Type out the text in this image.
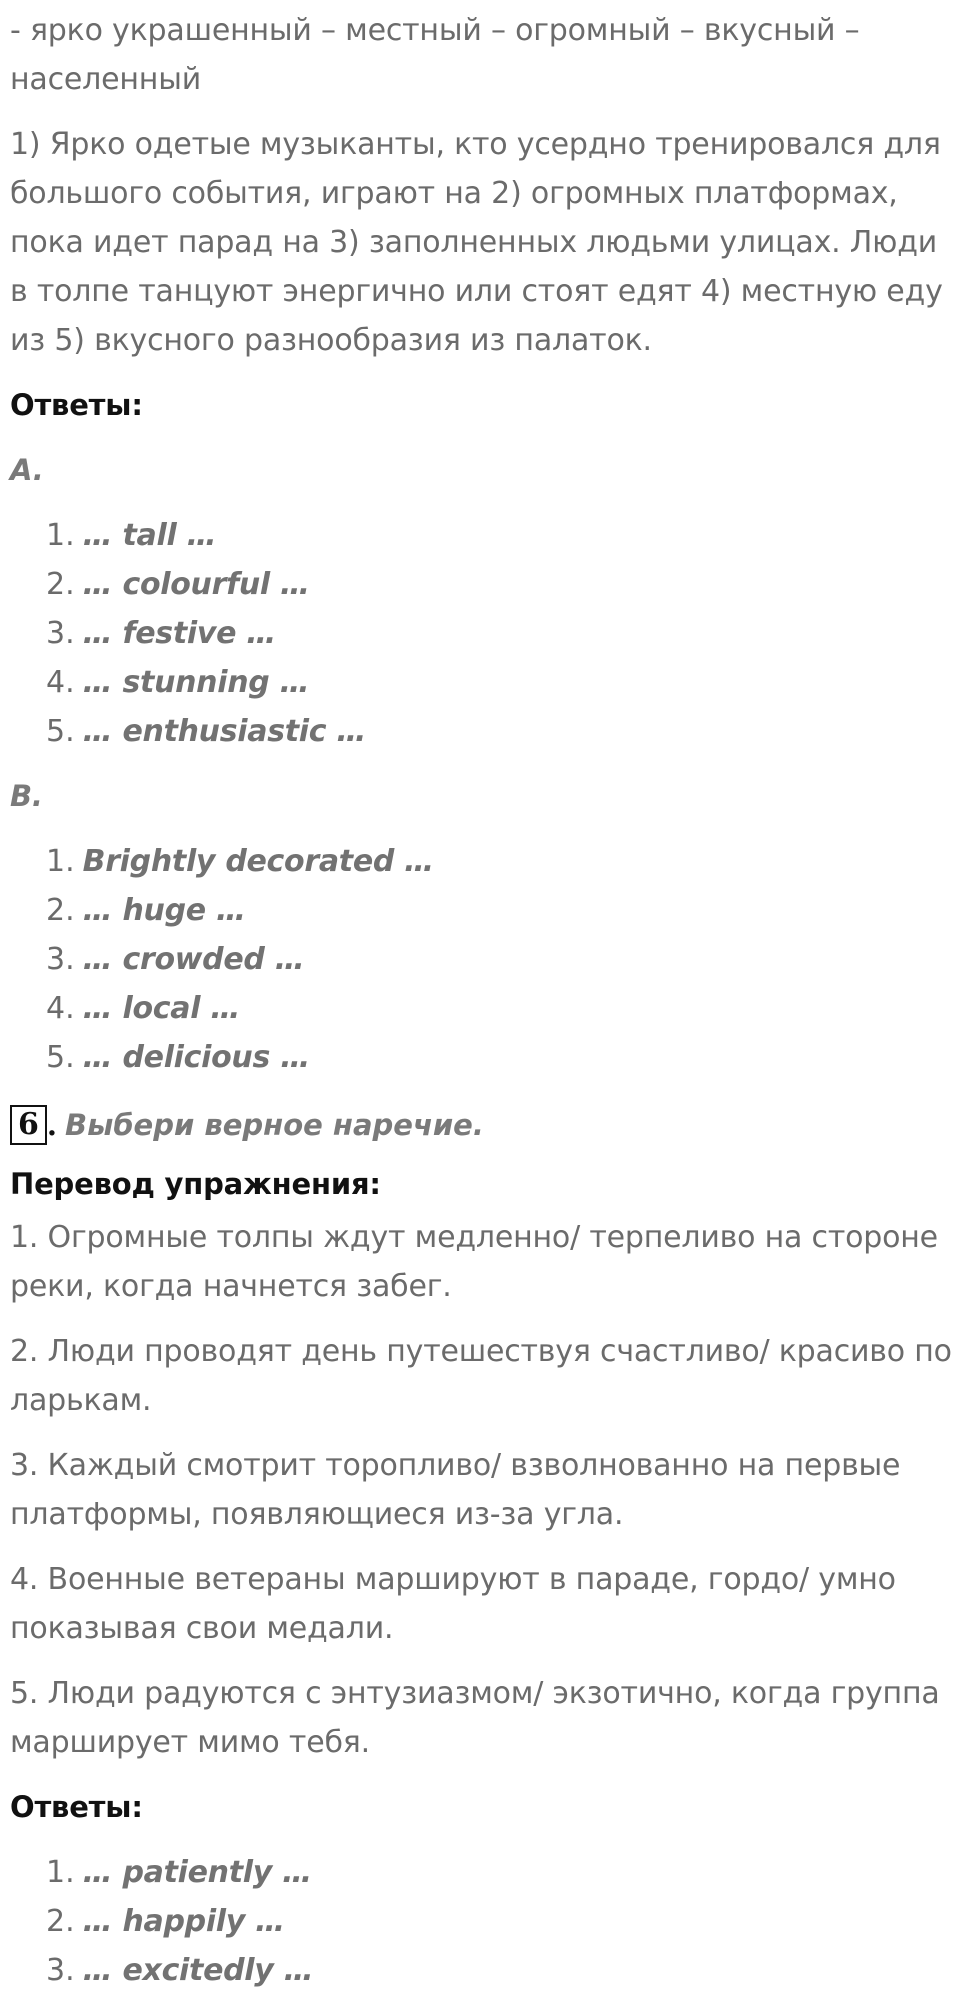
- ярко украшенный – местный – огромный – вкусный – населенный

1) Ярко одетые музыканты, кто усердно тренировался для большого события, играют на 2) огромных платформах, пока идет парад на 3) заполненных людьми улицах. Люди в толпе танцуют энергично или стоят едят 4) местную еду из 5) вкусного разнообразия из палаток.

Ответы:

A.

1. … tall …
2. … colourful …
3. … festive …
4. … stunning …
5. … enthusiastic …

B.

1. Brightly decorated …
2. … huge …
3. … crowded …
4. … local …
5. … delicious …
6 . Выбери верное наречие.

Перевод упражнения:

1. Огромные толпы ждут медленно/ терпеливо на стороне реки, когда начнется забег.

2. Люди проводят день путешествуя счастливо/ красиво по ларькам.

3. Каждый смотрит торопливо/ взволнованно на первые платформы, появляющиеся из-за угла.

4. Военные ветераны маршируют в параде, гордо/ умно показывая свои медали.

5. Люди радуются с энтузиазмом/ экзотично, когда группа марширует мимо тебя.

Ответы:

1. … patiently …
2. … happily …
3. … excitedly …
